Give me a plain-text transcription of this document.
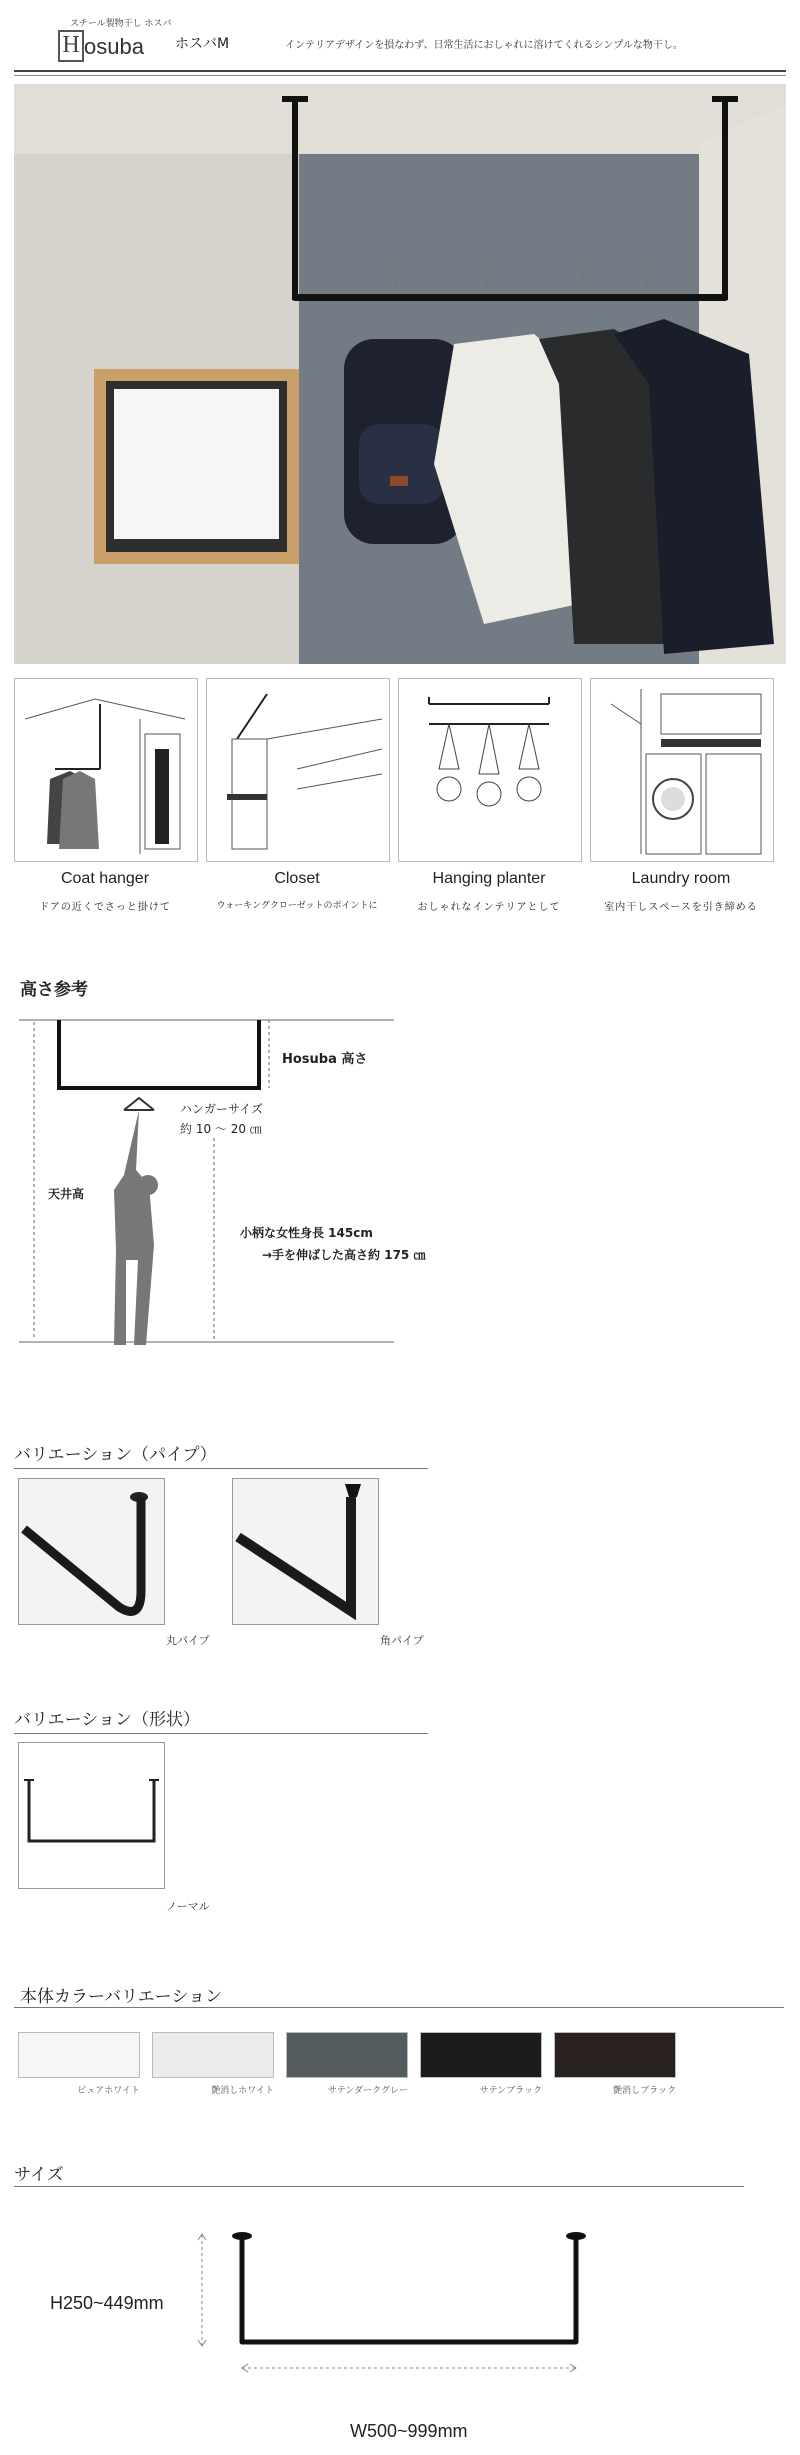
スチール製物干し ホスバ
H osuba ホスバM	インテリアデザインを損なわず、日常生活におしゃれに溶けてくれるシンプルな物干し。
Coat hanger	Closet	Hanging planter	Laundry room
ドアの近くでさっと掛けて	ウォーキングクローゼットのポイントに	おしゃれなインテリアとして	室内干しスペースを引き締める
高さ参考
Hosuba 高さ
ハンガーサイズ
約 10 ～ 20 ㎝
天井高
小柄な女性身長 145cm
→手を伸ばした高さ約 175 ㎝
バリエーション（パイプ）
丸パイプ	角パイプ
バリエーション（形状）
ノーマル
本体カラーバリエーション
ピュアホワイト	艶消しホワイト	サテンダークグレー	サテンブラック	艶消しブラック
サイズ
H250~449mm
W500~999mm
